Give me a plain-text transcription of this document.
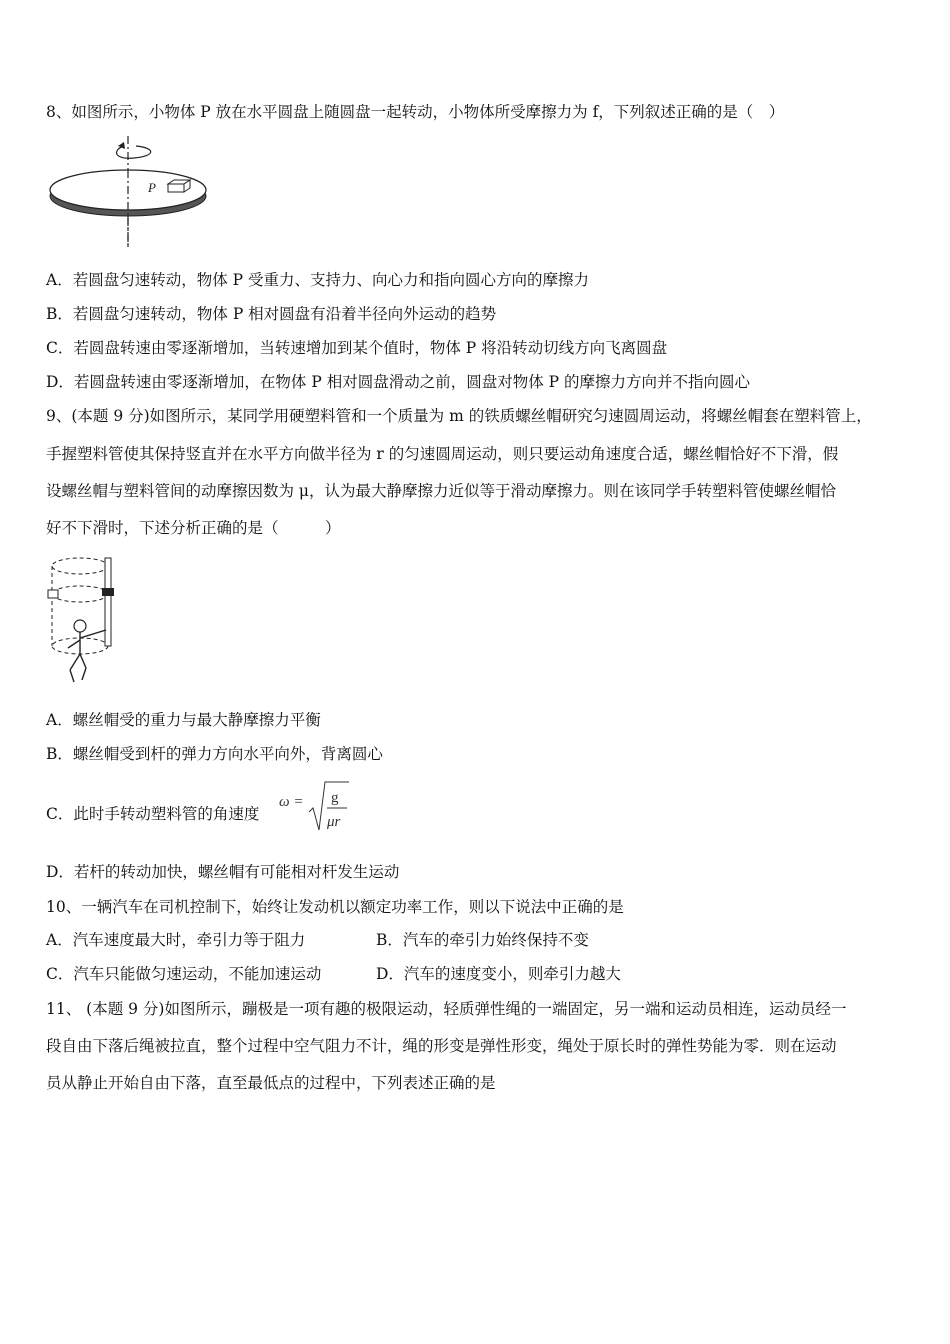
8、如图所示，小物体 P 放在水平圆盘上随圆盘一起转动，小物体所受摩擦力为 f，下列叙述正确的是（　）
P
A．若圆盘匀速转动，物体 P 受重力、支持力、向心力和指向圆心方向的摩擦力
B．若圆盘匀速转动，物体 P 相对圆盘有沿着半径向外运动的趋势
C．若圆盘转速由零逐渐增加，当转速增加到某个值时，物体 P 将沿转动切线方向飞离圆盘
D．若圆盘转速由零逐渐增加，在物体 P 相对圆盘滑动之前，圆盘对物体 P 的摩擦力方向并不指向圆心
9、(本题 9 分)如图所示，某同学用硬塑料管和一个质量为 m 的铁质螺丝帽研究匀速圆周运动，将螺丝帽套在塑料管上，
手握塑料管使其保持竖直并在水平方向做半径为 r 的匀速圆周运动，则只要运动角速度合适，螺丝帽恰好不下滑，假
设螺丝帽与塑料管间的动摩擦因数为 μ，认为最大静摩擦力近似等于滑动摩擦力。则在该同学手转塑料管使螺丝帽恰
好不下滑时，下述分析正确的是（　　　）
A．螺丝帽受的重力与最大静摩擦力平衡
B．螺丝帽受到杆的弹力方向水平向外，背离圆心
C．此时手转动塑料管的角速度
ω = g
μr
D．若杆的转动加快，螺丝帽有可能相对杆发生运动
10、一辆汽车在司机控制下，始终让发动机以额定功率工作，则以下说法中正确的是
A．汽车速度最大时，牵引力等于阻力	B．汽车的牵引力始终保持不变
C．汽车只能做匀速运动，不能加速运动	D．汽车的速度变小，则牵引力越大
11、 (本题 9 分)如图所示，蹦极是一项有趣的极限运动，轻质弹性绳的一端固定，另一端和运动员相连，运动员经一
段自由下落后绳被拉直，整个过程中空气阻力不计，绳的形变是弹性形变，绳处于原长时的弹性势能为零．则在运动
员从静止开始自由下落，直至最低点的过程中，下列表述正确的是
